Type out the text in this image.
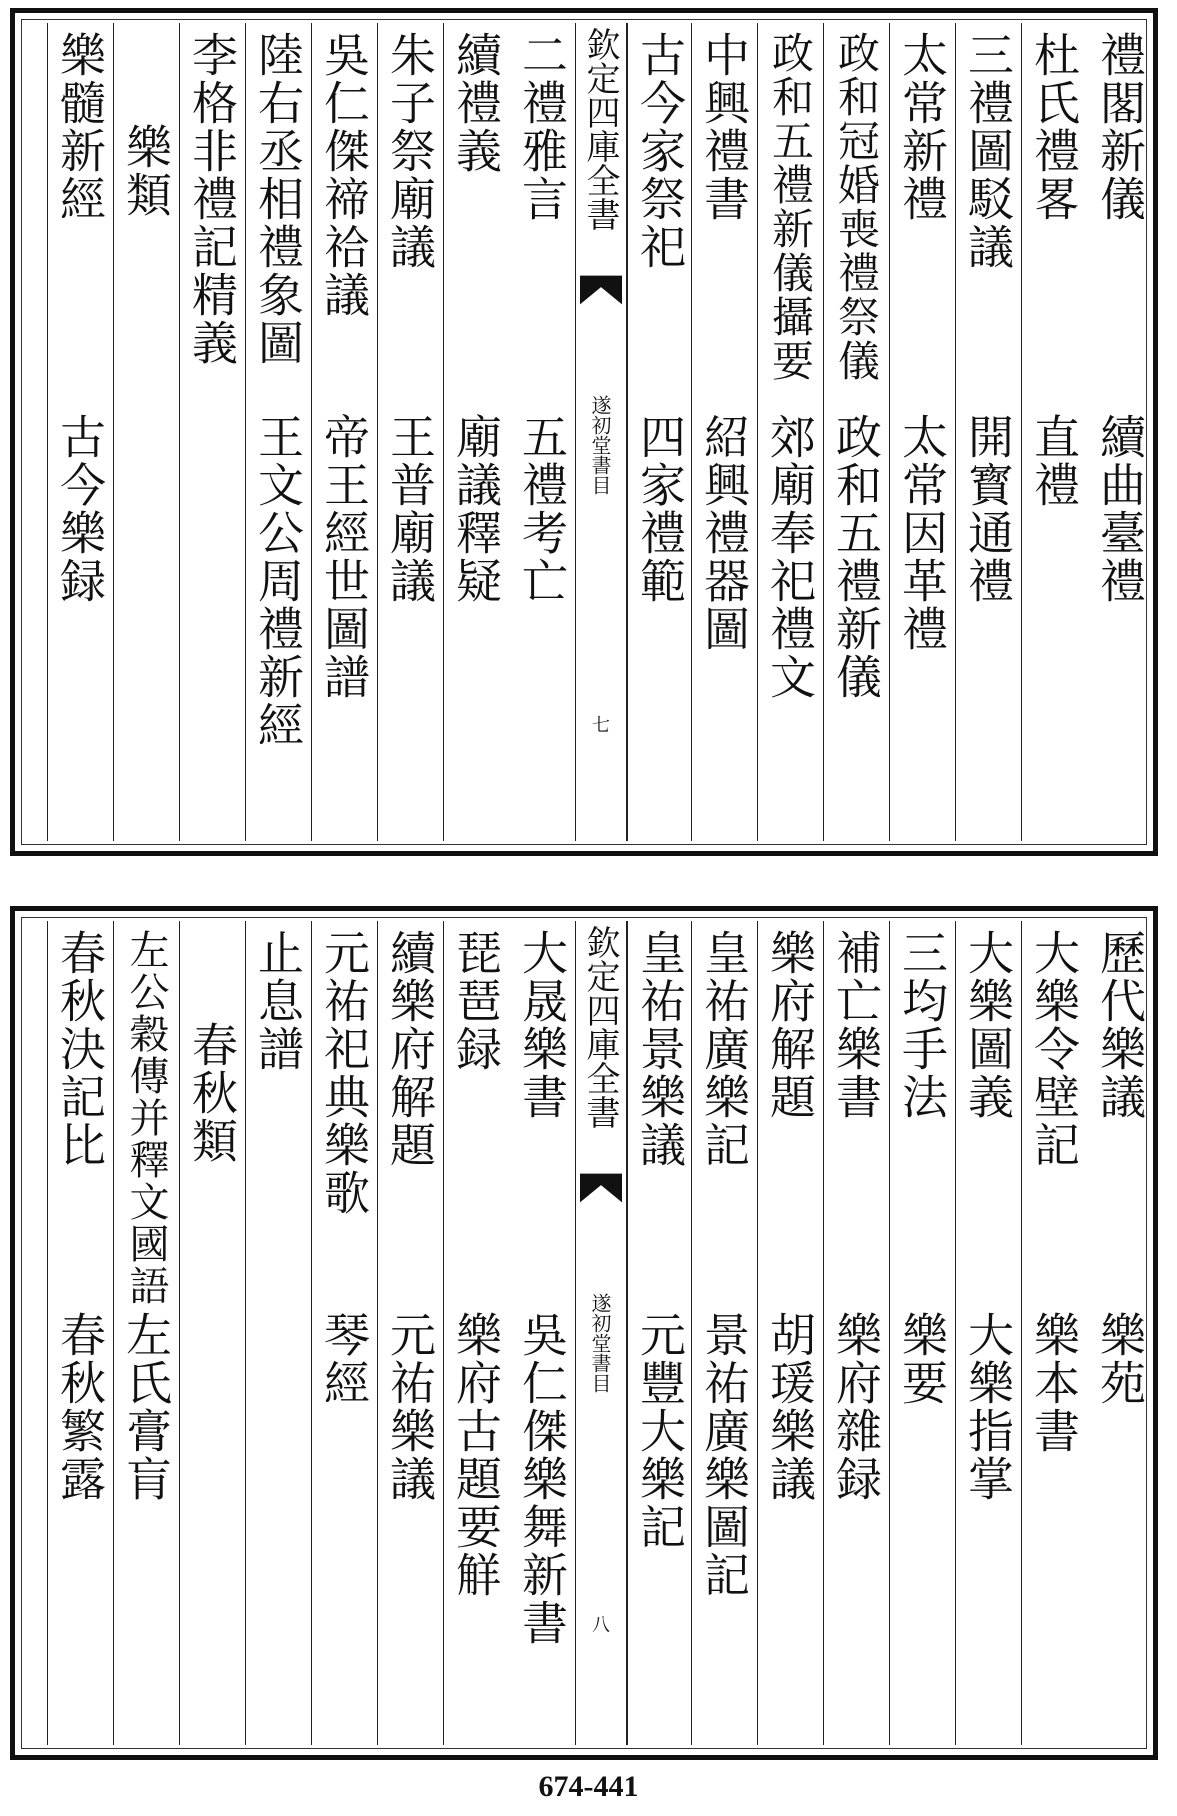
禮閣新儀
續曲臺禮
杜氏禮畧
直禮
三禮圖駁議
開寳通禮
太常新禮
太常因革禮
政和冠婚喪禮祭儀
政和五禮新儀
政和五禮新儀攝要
郊廟奉祀禮文
中興禮書
紹興禮器圖
古今家祭祀
四家禮範
欽定四庫全書
遂初堂書目
七
二禮雅言
五禮考亡
續禮義
廟議釋疑
朱子祭廟議
王普廟議
吳仁傑禘祫議
帝王經世圖譜
陸右丞相禮象圖
王文公周禮新經
李格非禮記精義
樂類
樂髓新經
古今樂録
歷代樂議
樂苑
大樂令壁記
樂本書
大樂圖義
大樂指掌
三均手法
樂要
補亡樂書
樂府雜録
樂府解題
胡瑗樂議
皇祐廣樂記
景祐廣樂圖記
皇祐景樂議
元豐大樂記
欽定四庫全書
遂初堂書目
八
大晟樂書
吳仁傑樂舞新書
琵琶録
樂府古題要觧
續樂府解題
元祐樂議
元祐祀典樂歌
琴經
止息譜
春秋類
左公穀傳并釋文國語
左氏膏肓
春秋決記比
春秋繁露
674-441
